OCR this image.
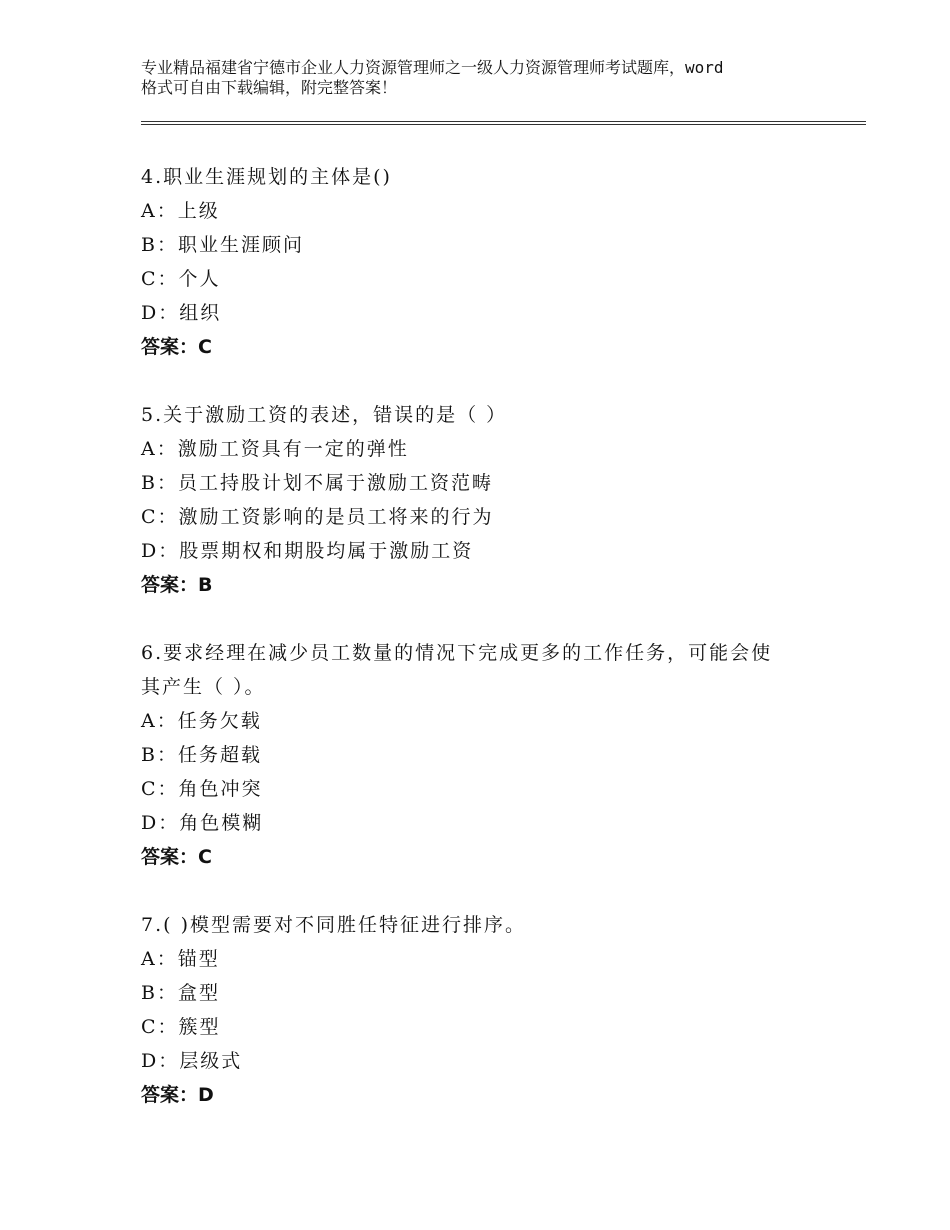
专业精品福建省宁德市企业人力资源管理师之一级人力资源管理师考试题库，word
格式可自由下载编辑，附完整答案！
4.职业生涯规划的主体是()
A：上级
B：职业生涯顾问
C：个人
D：组织
答案：C
5.关于激励工资的表述，错误的是（ ）
A：激励工资具有一定的弹性
B：员工持股计划不属于激励工资范畴
C：激励工资影响的是员工将来的行为
D：股票期权和期股均属于激励工资
答案：B
6.要求经理在减少员工数量的情况下完成更多的工作任务，可能会使
其产生（ ）。
A：任务欠载
B：任务超载
C：角色冲突
D：角色模糊
答案：C
7.( )模型需要对不同胜任特征进行排序。
A：锚型
B：盒型
C：簇型
D：层级式
答案：D
